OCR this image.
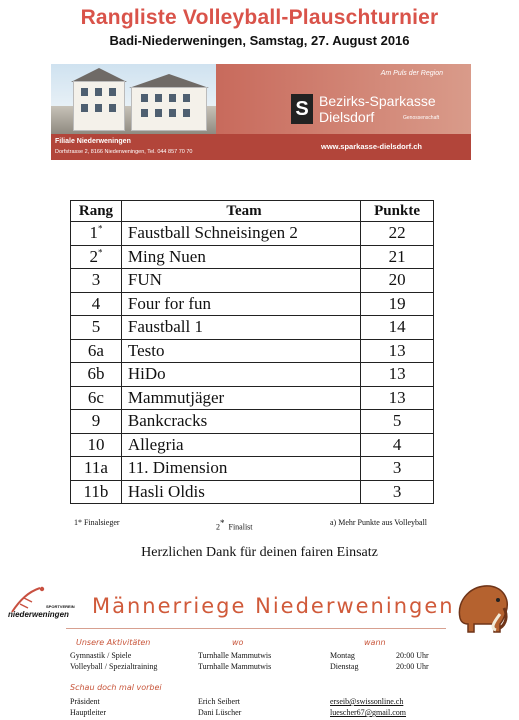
Rangliste Volleyball-Plauschturnier
Badi-Niederweningen, Samstag, 27. August 2016
Am Puls der Region
S Bezirks-Sparkasse
Dielsdorf	Genossenschaft
Filiale Niederweningen
Dorfstrasse 2, 8166 Niederweningen, Tel. 044 857 70 70
www.sparkasse-dielsdorf.ch
Rang	Team	Punkte
1*	Faustball Schneisingen 2	22
2*	Ming Nuen	21
3	FUN	20
4	Four for fun	19
5	Faustball 1	14
6a	Testo	13
6b	HiDo	13
6c	Mammutjäger	13
9	Bankcracks	5
10	Allegria	4
11a	11. Dimension	3
11b	Hasli Oldis	3
1* Finalsieger
2* Finalist
a) Mehr Punkte aus Volleyball
Herzlichen Dank für deinen fairen Einsatz
SPORTVEREIN
niederweningen Männerriege Niederweningen
Unsere Aktivitäten	wo	wann
Gymnastik / Spiele	Turnhalle Mammutwis	Montag	20:00 Uhr
Volleyball / Spezialtraining	Turnhalle Mammutwis	Dienstag	20:00 Uhr
Schau doch mal vorbei
Präsident	Erich Seibert	erseib@swissonline.ch
Hauptleiter	Dani Lüscher	luescher67@gmail.com
